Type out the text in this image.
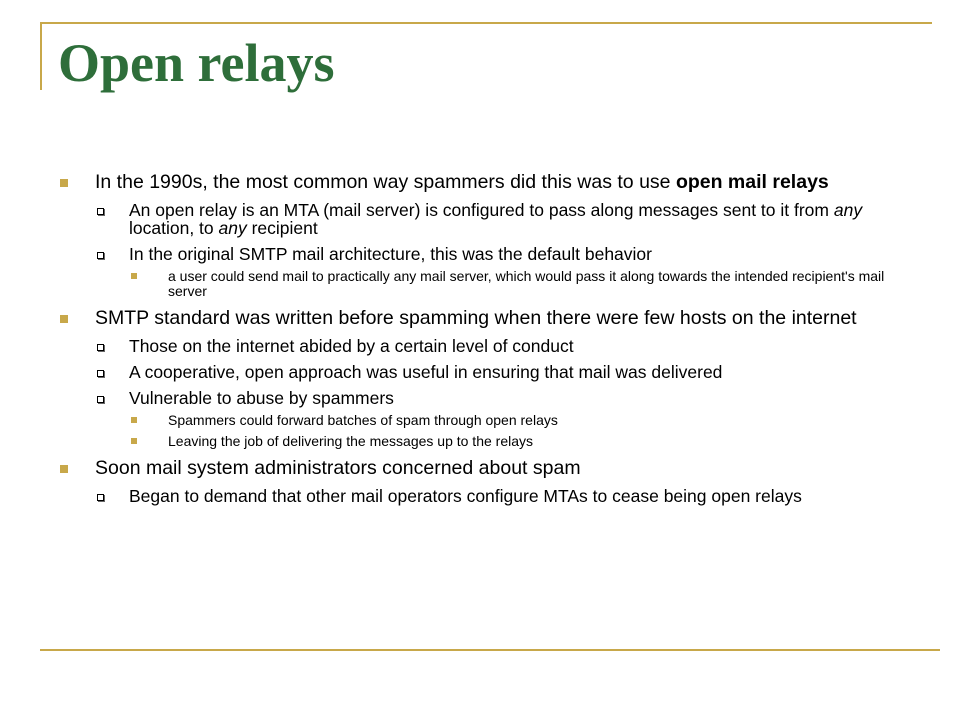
Open relays
In the 1990s, the most common way spammers did this was to use open mail relays
An open relay is an MTA (mail server) is configured to pass along messages sent to it from any location, to any recipient
In the original SMTP mail architecture, this was the default behavior
a user could send mail to practically any mail server, which would pass it along towards the intended recipient's mail server
SMTP standard was written before spamming when there were few hosts on the internet
Those on the internet abided by a certain level of conduct
A cooperative, open approach was useful in ensuring that mail was delivered
Vulnerable to abuse by spammers
Spammers could forward batches of spam through open relays
Leaving the job of delivering the messages up to the relays
Soon mail system administrators concerned about spam
Began to demand that other mail operators configure MTAs to cease being open relays
